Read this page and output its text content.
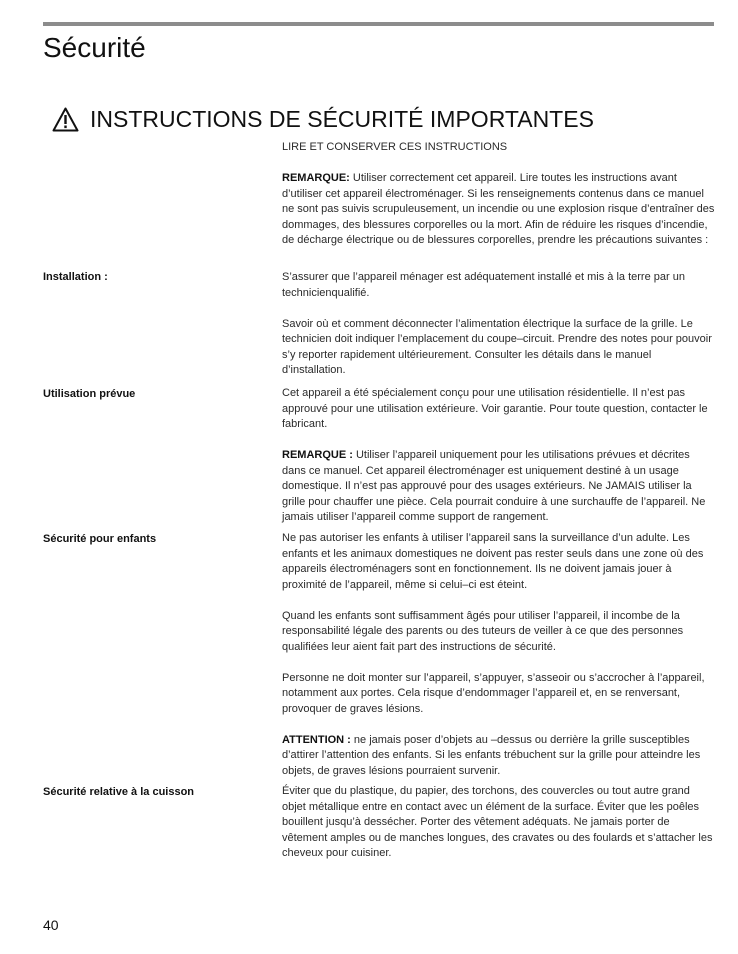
Sécurité
INSTRUCTIONS DE SÉCURITÉ IMPORTANTES

LIRE ET CONSERVER CES INSTRUCTIONS

REMARQUE: Utiliser correctement cet appareil. Lire toutes les instructions avant d’utiliser cet appareil électroménager. Si les renseignements contenus dans ce manuel ne sont pas suivis scrupuleusement, un incendie ou une explosion risque d’entraîner des dommages, des blessures corporelles ou la mort. Afin de réduire les risques d’incendie, de décharge électrique ou de blessures corporelles, prendre les précautions suivantes :

Installation :	S’assurer que l’appareil ménager est adéquatement installé et mis à la terre par un technicienqualifié.

Savoir où et comment déconnecter l’alimentation électrique la surface de la grille. Le technicien doit indiquer l’emplacement du coupe–circuit. Prendre des notes pour pouvoir s’y reporter rapidement ultérieurement. Consulter les détails dans le manuel d’installation.

Utilisation prévue	Cet appareil a été spécialement conçu pour une utilisation résidentielle. Il n’est pas approuvé pour une utilisation extérieure. Voir garantie. Pour toute question, contacter le fabricant.

REMARQUE : Utiliser l’appareil uniquement pour les utilisations prévues et décrites dans ce manuel. Cet appareil électroménager est uniquement destiné à un usage domestique. Il n’est pas approuvé pour des usages extérieurs. Ne JAMAIS utiliser la grille pour chauffer une pièce. Cela pourrait conduire à une surchauffe de l’appareil. Ne jamais utiliser l’appareil comme support de rangement.

Sécurité pour enfants	Ne pas autoriser les enfants à utiliser l’appareil sans la surveillance d’un adulte. Les enfants et les animaux domestiques ne doivent pas rester seuls dans une zone où des appareils électroménagers sont en fonctionnement. Ils ne doivent jamais jouer à proximité de l’appareil, même si celui–ci est éteint.

Quand les enfants sont suffisamment âgés pour utiliser l’appareil, il incombe de la responsabilité légale des parents ou des tuteurs de veiller à ce que des personnes qualifiées leur aient fait part des instructions de sécurité.

Personne ne doit monter sur l’appareil, s’appuyer, s’asseoir ou s’accrocher à l’appareil, notamment aux portes. Cela risque d’endommager l’appareil et, en se renversant, provoquer de graves lésions.

ATTENTION : ne jamais poser d’objets au –dessus ou derrière la grille susceptibles d’attirer l’attention des enfants. Si les enfants trébuchent sur la grille pour atteindre les objets, de graves lésions pourraient survenir.

Sécurité relative à la cuisson	Éviter que du plastique, du papier, des torchons, des couvercles ou tout autre grand objet métallique entre en contact avec un élément de la surface. Éviter que les poêles bouillent jusqu’à dessécher. Porter des vêtement adéquats. Ne jamais porter de vêtement amples ou de manches longues, des cravates ou des foulards et s’attacher les cheveux pour cuisiner.

40
